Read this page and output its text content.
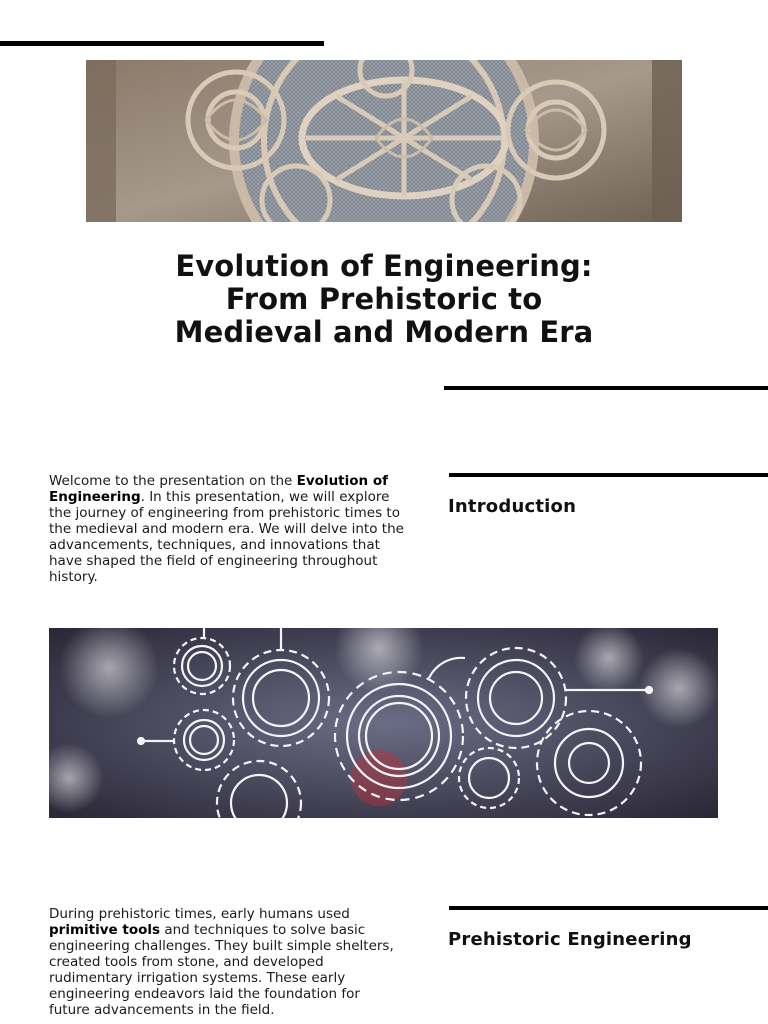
Evolution of Engineering:
From Prehistoric to
Medieval and Modern Era
Introduction

Welcome to the presentation on the Evolution of Engineering. In this presentation, we will explore the journey of engineering from prehistoric times to the medieval and modern era. We will delve into the advancements, techniques, and innovations that have shaped the field of engineering throughout history.

Prehistoric Engineering

During prehistoric times, early humans used primitive tools and techniques to solve basic engineering challenges. They built simple shelters, created tools from stone, and developed rudimentary irrigation systems. These early engineering endeavors laid the foundation for future advancements in the field.
